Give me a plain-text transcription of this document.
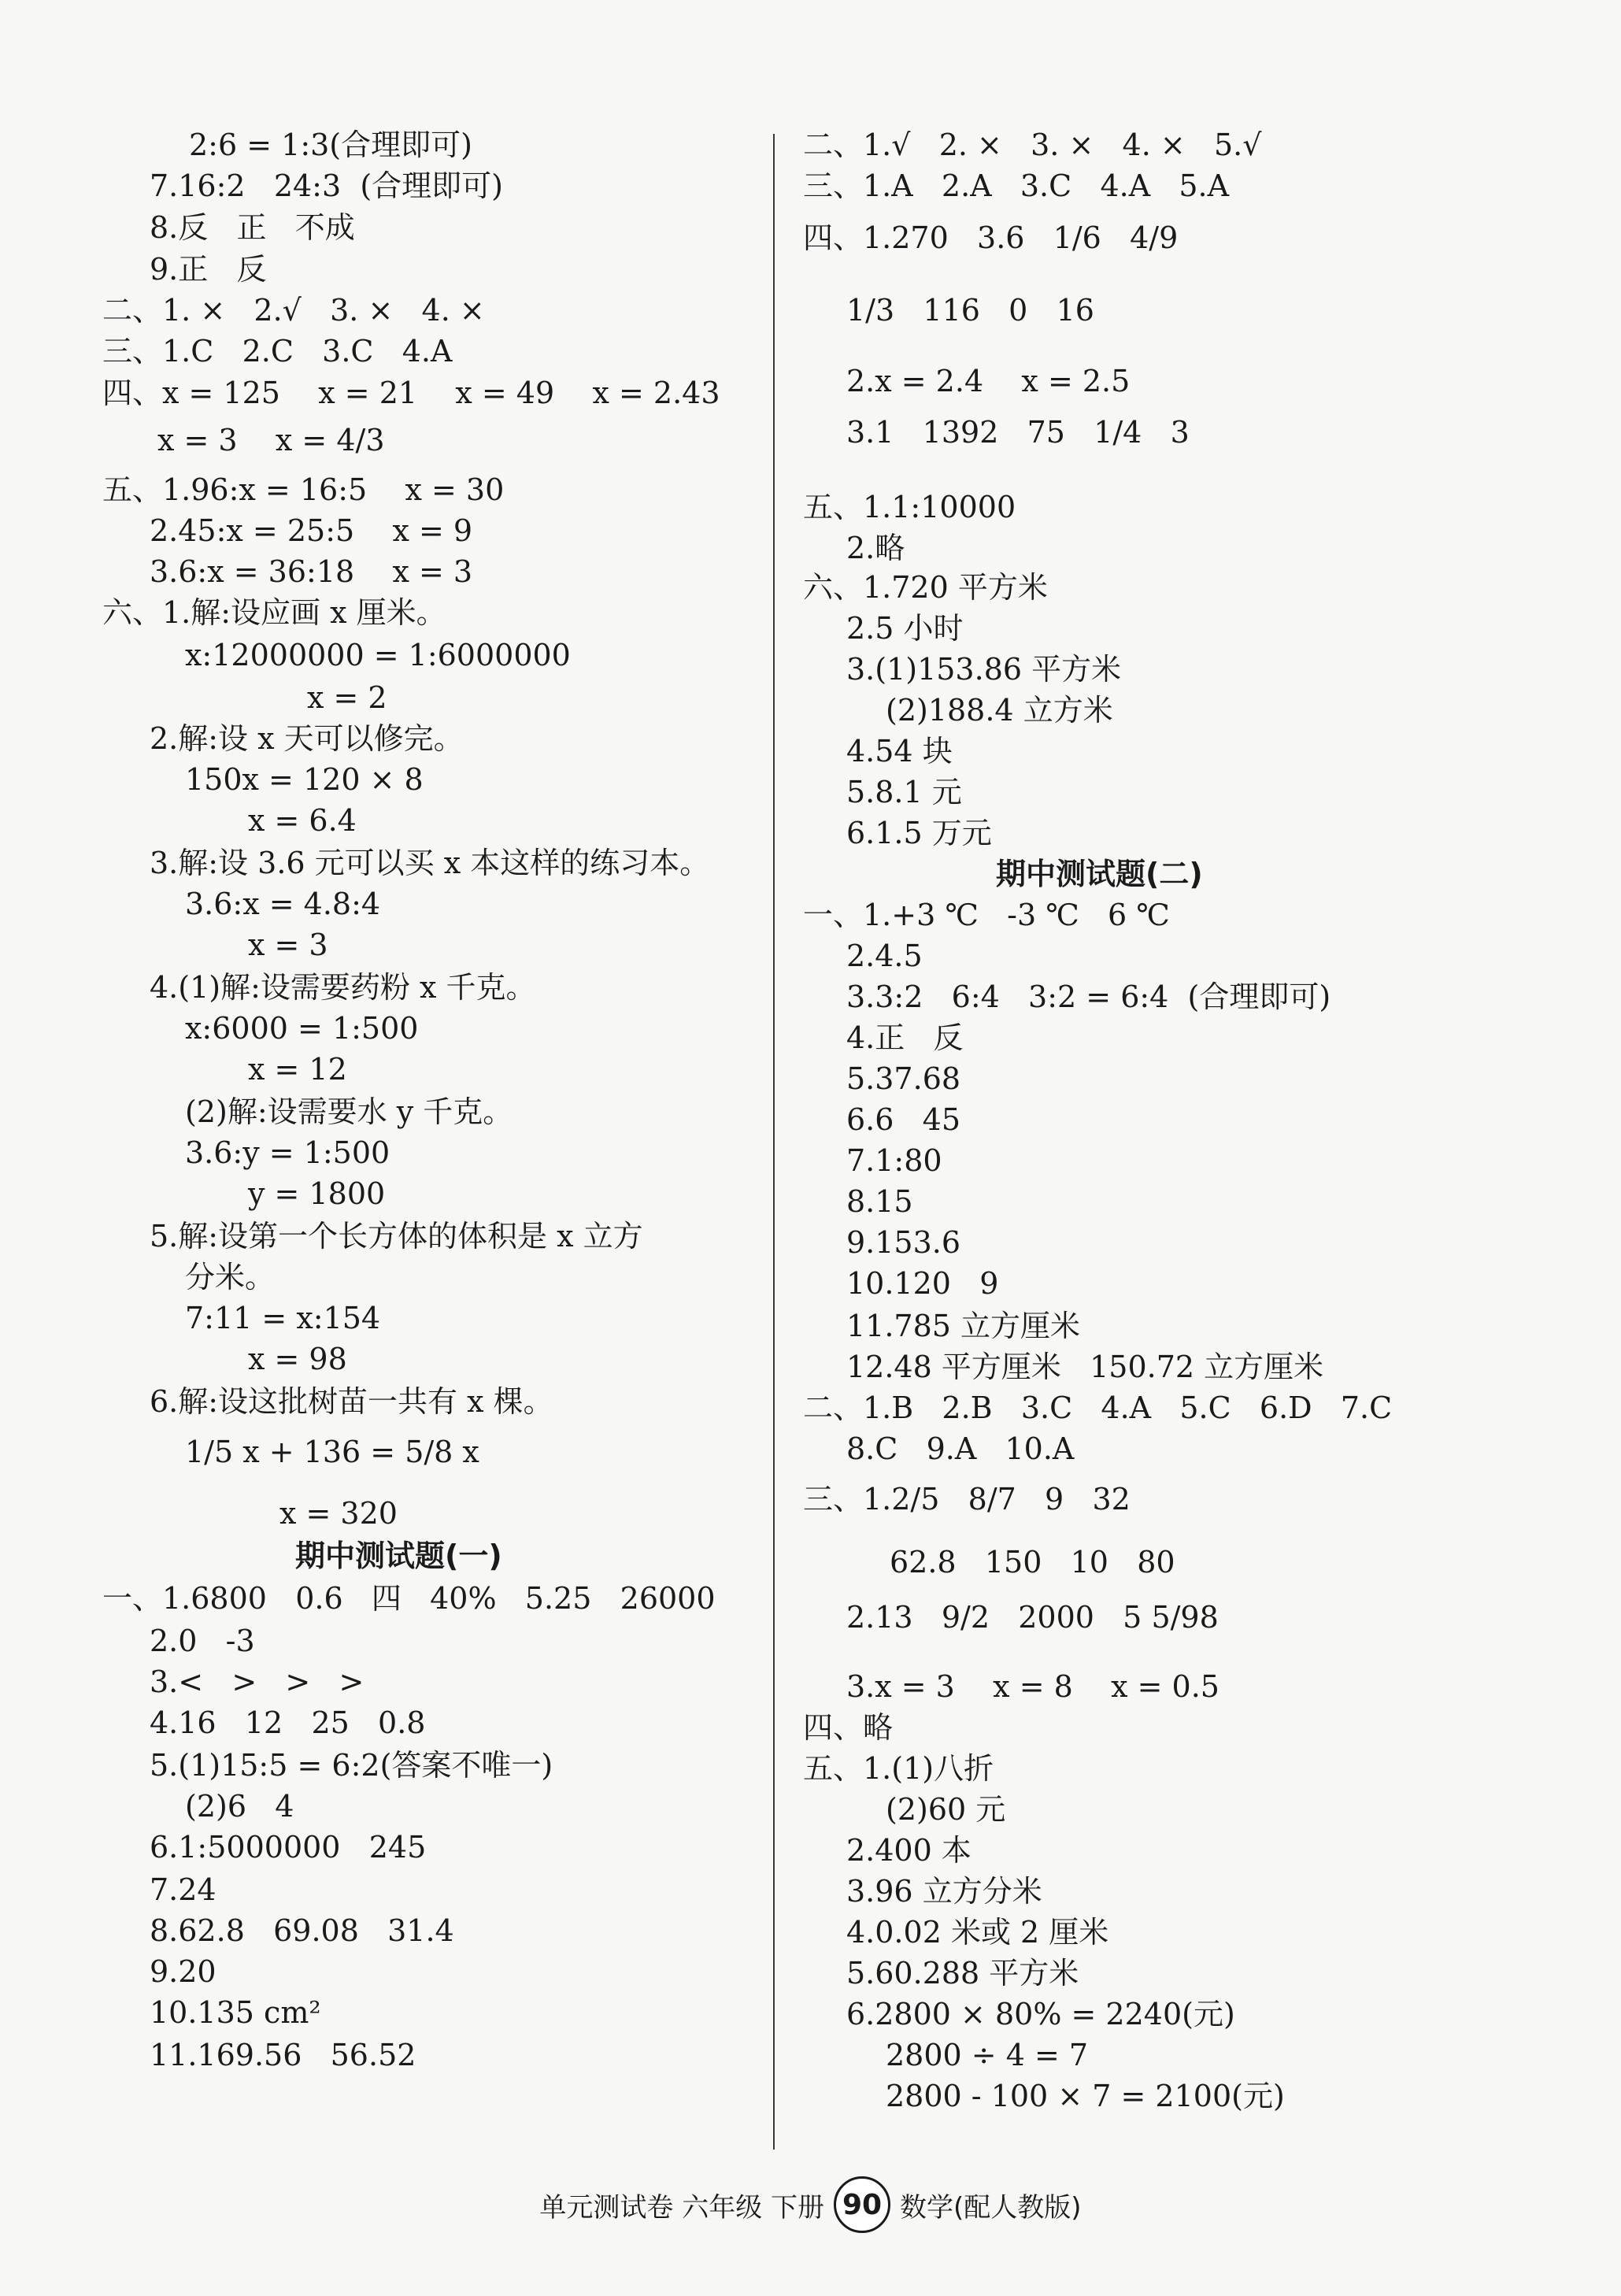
2:6 = 1:3(合理即可)
7.16:2   24:3  (合理即可)
8.反   正   不成
9.正   反
二、1. ×   2.√   3. ×   4. ×
三、1.C   2.C   3.C   4.A
四、x = 125    x = 21    x = 49    x = 2.43
x = 3    x = 4/3
五、1.96:x = 16:5    x = 30
2.45:x = 25:5    x = 9
3.6:x = 36:18    x = 3
六、1.解:设应画 x 厘米。
x:12000000 = 1:6000000
x = 2
2.解:设 x 天可以修完。
150x = 120 × 8
x = 6.4
3.解:设 3.6 元可以买 x 本这样的练习本。
3.6:x = 4.8:4
x = 3
4.(1)解:设需要药粉 x 千克。
x:6000 = 1:500
x = 12
(2)解:设需要水 y 千克。
3.6:y = 1:500
y = 1800
5.解:设第一个长方体的体积是 x 立方
分米。
7:11 = x:154
x = 98
6.解:设这批树苗一共有 x 棵。
1/5 x + 136 = 5/8 x
x = 320
期中测试题(一)
一、1.6800   0.6   四   40%   5.25   26000
2.0   -3
3.<   >   >   >
4.16   12   25   0.8
5.(1)15:5 = 6:2(答案不唯一)
(2)6   4
6.1:5000000   245
7.24
8.62.8   69.08   31.4
9.20
10.135 cm²
11.169.56   56.52
二、1.√   2. ×   3. ×   4. ×   5.√
三、1.A   2.A   3.C   4.A   5.A
四、1.270   3.6   1/6   4/9
1/3   116   0   16
2.x = 2.4    x = 2.5
3.1   1392   75   1/4   3
五、1.1:10000
2.略
六、1.720 平方米
2.5 小时
3.(1)153.86 平方米
(2)188.4 立方米
4.54 块
5.8.1 元
6.1.5 万元
期中测试题(二)
一、1.+3 ℃   -3 ℃   6 ℃
2.4.5
3.3:2   6:4   3:2 = 6:4  (合理即可)
4.正   反
5.37.68
6.6   45
7.1:80
8.15
9.153.6
10.120   9
11.785 立方厘米
12.48 平方厘米   150.72 立方厘米
二、1.B   2.B   3.C   4.A   5.C   6.D   7.C
8.C   9.A   10.A
三、1.2/5   8/7   9   32
62.8   150   10   80
2.13   9/2   2000   5 5/98
3.x = 3    x = 8    x = 0.5
四、略
五、1.(1)八折
(2)60 元
2.400 本
3.96 立方分米
4.0.02 米或 2 厘米
5.60.288 平方米
6.2800 × 80% = 2240(元)
2800 ÷ 4 = 7
2800 - 100 × 7 = 2100(元)
单元测试卷 六年级 下册 90 数学(配人教版)
